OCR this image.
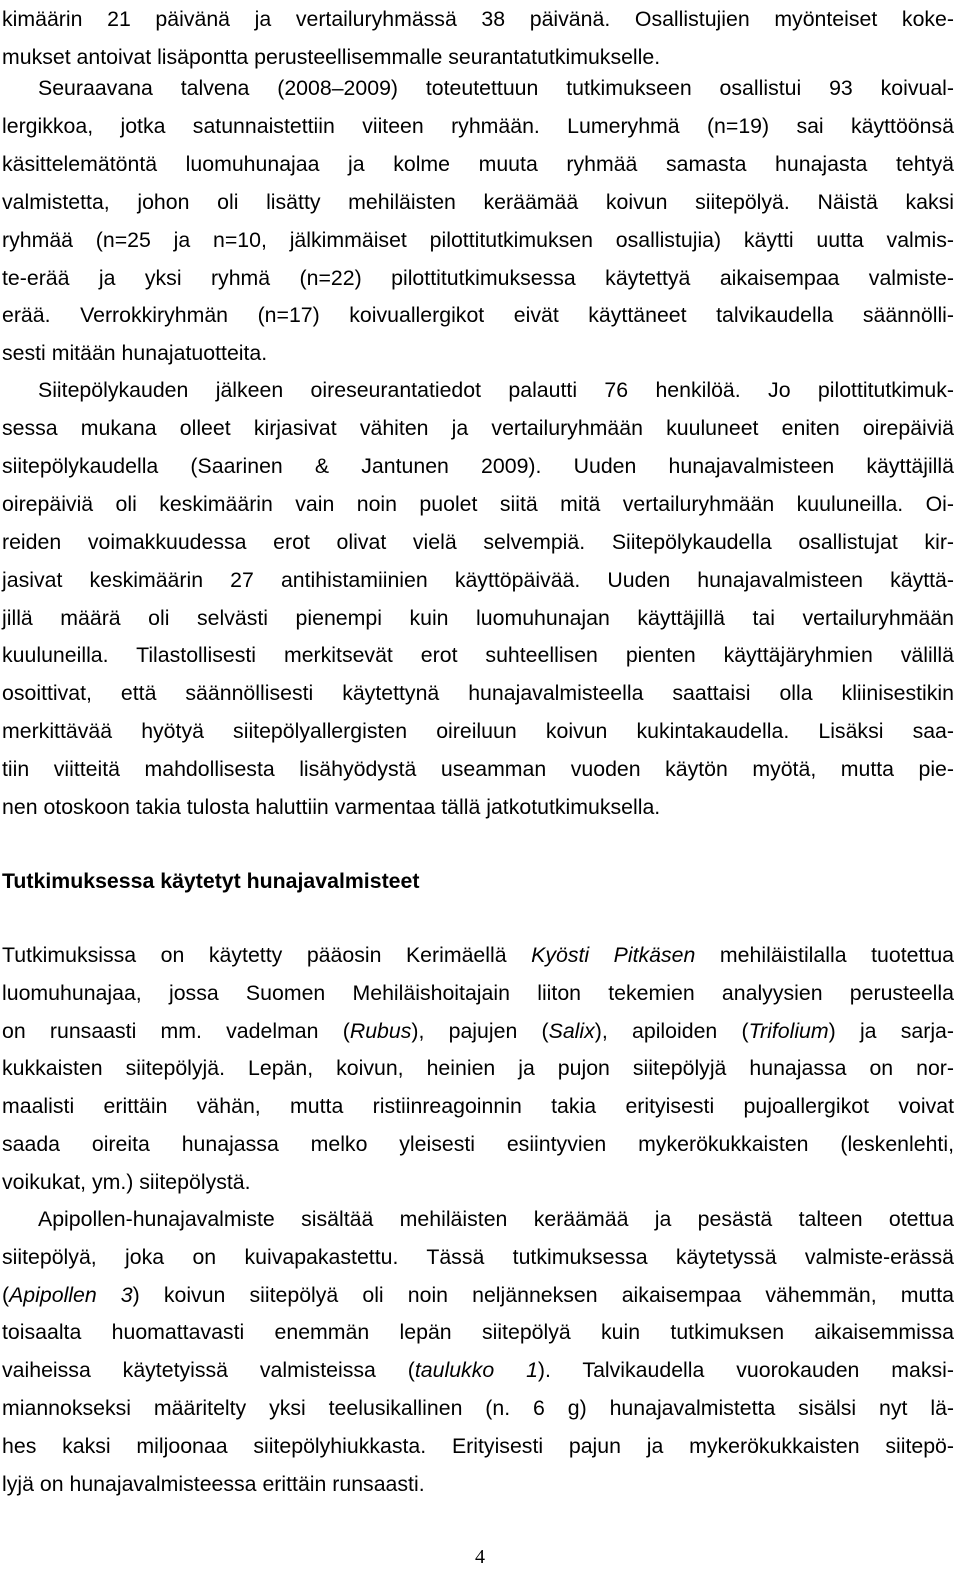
kimäärin 21 päivänä ja vertailuryhmässä 38 päivänä. Osallistujien myönteiset koke-
mukset antoivat lisäpontta perusteellisemmalle seurantatutkimukselle.
Seuraavana talvena (2008–2009) toteutettuun tutkimukseen osallistui 93 koivual-
lergikkoa, jotka satunnaistettiin viiteen ryhmään. Lumeryhmä (n=19) sai käyttöönsä
käsittelemätöntä luomuhunajaa ja kolme muuta ryhmää samasta hunajasta tehtyä
valmistetta, johon oli lisätty mehiläisten keräämää koivun siitepölyä. Näistä kaksi
ryhmää (n=25 ja n=10, jälkimmäiset pilottitutkimuksen osallistujia) käytti uutta valmis-
te-erää ja yksi ryhmä (n=22) pilottitutkimuksessa käytettyä aikaisempaa valmiste-
erää. Verrokkiryhmän (n=17) koivuallergikot eivät käyttäneet talvikaudella säännölli-
sesti mitään hunajatuotteita.
Siitepölykauden jälkeen oireseurantatiedot palautti 76 henkilöä. Jo pilottitutkimuk-
sessa mukana olleet kirjasivat vähiten ja vertailuryhmään kuuluneet eniten oirepäiviä
siitepölykaudella (Saarinen & Jantunen 2009). Uuden hunajavalmisteen käyttäjillä
oirepäiviä oli keskimäärin vain noin puolet siitä mitä vertailuryhmään kuuluneilla. Oi-
reiden voimakkuudessa erot olivat vielä selvempiä. Siitepölykaudella osallistujat kir-
jasivat keskimäärin 27 antihistamiinien käyttöpäivää. Uuden hunajavalmisteen käyttä-
jillä määrä oli selvästi pienempi kuin luomuhunajan käyttäjillä tai vertailuryhmään
kuuluneilla. Tilastollisesti merkitsevät erot suhteellisen pienten käyttäjäryhmien välillä
osoittivat, että säännöllisesti käytettynä hunajavalmisteella saattaisi olla kliinisestikin
merkittävää hyötyä siitepölyallergisten oireiluun koivun kukintakaudella. Lisäksi saa-
tiin viitteitä mahdollisesta lisähyödystä useamman vuoden käytön myötä, mutta pie-
nen otoskoon takia tulosta haluttiin varmentaa tällä jatkotutkimuksella.
Tutkimuksessa käytetyt hunajavalmisteet
Tutkimuksissa on käytetty pääosin Kerimäellä Kyösti Pitkäsen mehiläistilalla tuotettua
luomuhunajaa, jossa Suomen Mehiläishoitajain liiton tekemien analyysien perusteella
on runsaasti mm. vadelman (Rubus), pajujen (Salix), apiloiden (Trifolium) ja sarja-
kukkaisten siitepölyjä. Lepän, koivun, heinien ja pujon siitepölyjä hunajassa on nor-
maalisti erittäin vähän, mutta ristiinreagoinnin takia erityisesti pujoallergikot voivat
saada oireita hunajassa melko yleisesti esiintyvien mykerökukkaisten (leskenlehti,
voikukat, ym.) siitepölystä.
Apipollen-hunajavalmiste sisältää mehiläisten keräämää ja pesästä talteen otettua
siitepölyä, joka on kuivapakastettu. Tässä tutkimuksessa käytetyssä valmiste-erässä
(Apipollen 3) koivun siitepölyä oli noin neljänneksen aikaisempaa vähemmän, mutta
toisaalta huomattavasti enemmän lepän siitepölyä kuin tutkimuksen aikaisemmissa
vaiheissa käytetyissä valmisteissa (taulukko 1). Talvikaudella vuorokauden maksi-
miannokseksi määritelty yksi teelusikallinen (n. 6 g) hunajavalmistetta sisälsi nyt lä-
hes kaksi miljoonaa siitepölyhiukkasta. Erityisesti pajun ja mykerökukkaisten siitepö-
lyjä on hunajavalmisteessa erittäin runsaasti.
4
